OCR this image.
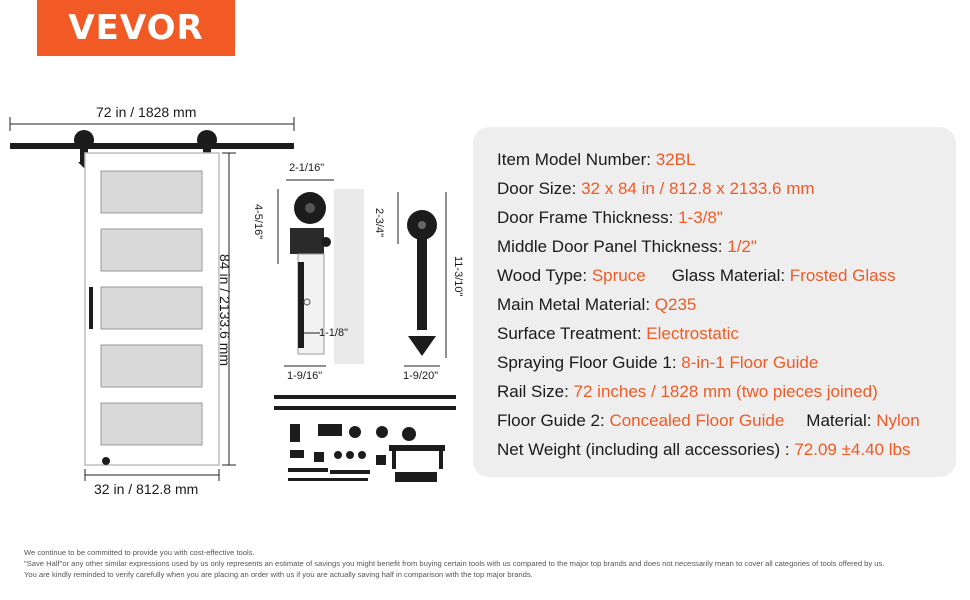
VEVOR
72 in / 1828 mm
84 in / 2133.6 mm
32 in / 812.8 mm
2-1/16"
4-5/16"
1-1/8"
1-9/16"
2-3/4"
11-3/10"
1-9/20"
Item Model Number: 32BL
Door Size: 32 x 84 in / 812.8 x 2133.6 mm
Door Frame Thickness: 1-3/8"
Middle Door Panel Thickness: 1/2"
Wood Type: Spruce Glass Material: Frosted Glass
Main Metal Material: Q235
Surface Treatment: Electrostatic
Spraying Floor Guide 1: 8-in-1 Floor Guide
Rail Size: 72 inches / 1828 mm (two pieces joined)
Floor Guide 2: Concealed Floor Guide Material: Nylon
Net Weight (including all accessories) : 72.09 ±4.40 lbs
We continue to be committed to provide you with cost-effective tools.
"Save Half"or any other similar expressions used by us only represents an estimate of savings you might benefit from buying certain tools with us compared to the major top brands and does not necessarily mean to cover all categories of tools offered by us.
You are kindly reminded to verify carefully when you are placing an order with us if you are actually saving half in comparison with the top major brands.
